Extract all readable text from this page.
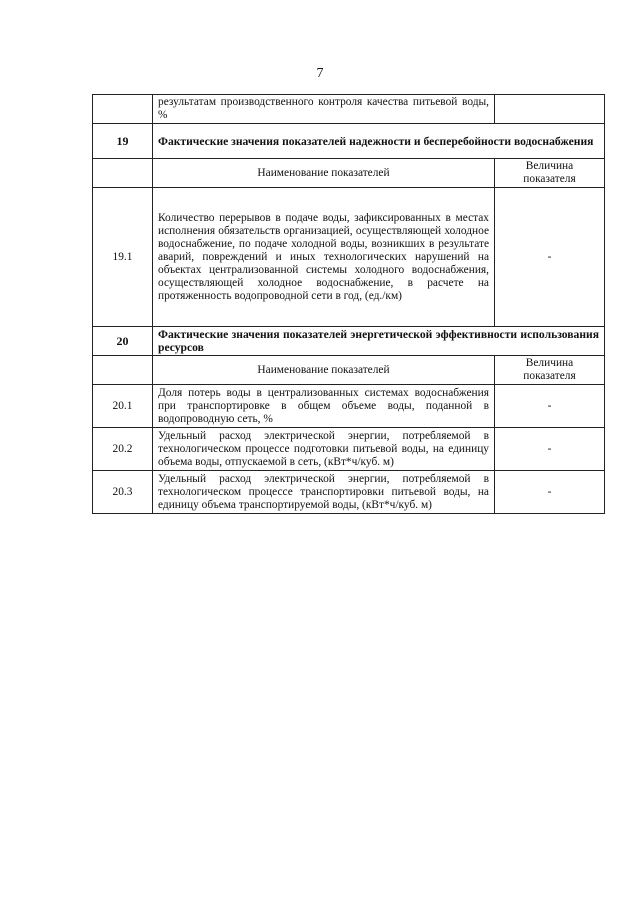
7
	результатам производственного контроля качества питьевой воды, %	
19	Фактические значения показателей надежности и бесперебойности водоснабжения	
	Наименование показателей	Величина показателя
19.1	Количество перерывов в подаче воды, зафиксированных в местах исполнения обязательств организацией, осуществляющей холодное водоснабжение, по подаче холодной воды, возникших в результате аварий, повреждений и иных технологических нарушений на объектах централизованной системы холодного водоснабжения, осуществляющей холодное водоснабжение, в расчете на протяженность водопроводной сети в год, (ед./км)	-
20	Фактические значения показателей энергетической эффективности использования ресурсов	
	Наименование показателей	Величина показателя
20.1	Доля потерь воды в централизованных системах водоснабжения при транспортировке в общем объеме воды, поданной в водопроводную сеть, %	-
20.2	Удельный расход электрической энергии, потребляемой в технологическом процессе подготовки питьевой воды, на единицу объема воды, отпускаемой в сеть, (кВт*ч/куб. м)	-
20.3	Удельный расход электрической энергии, потребляемой в технологическом процессе транспортировки питьевой воды, на единицу объема транспортируемой воды, (кВт*ч/куб. м)	-
